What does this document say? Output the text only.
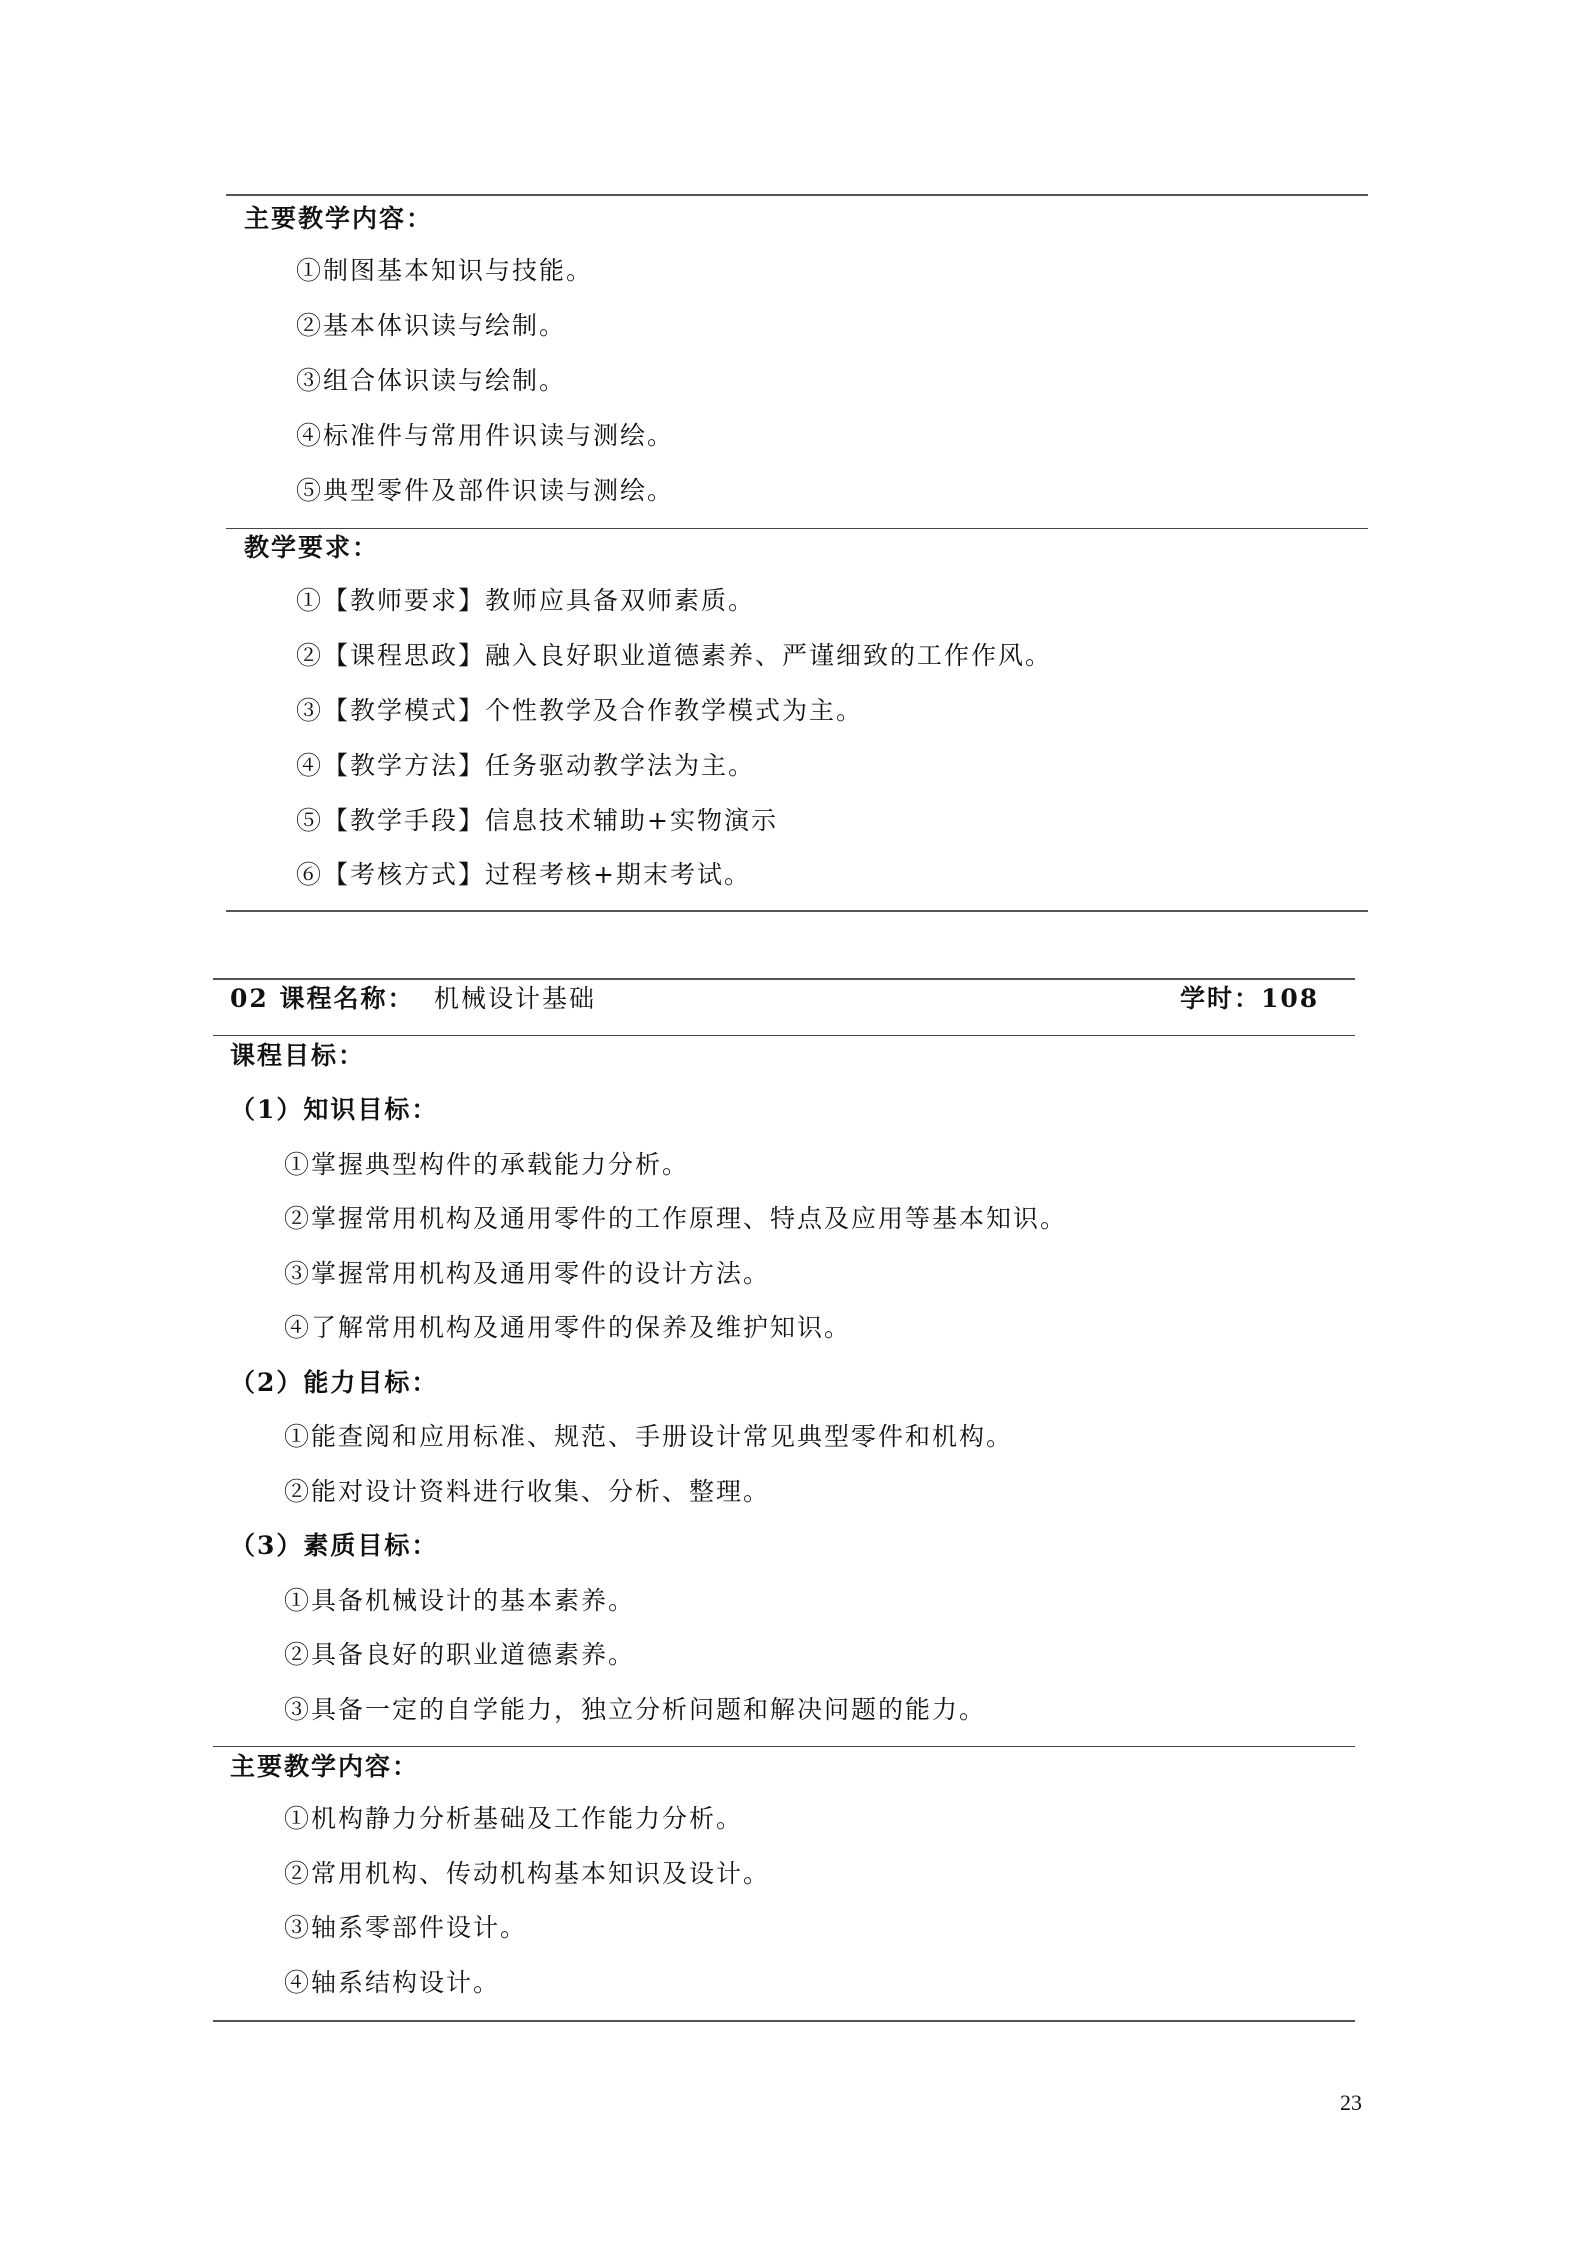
主要教学内容：
①制图基本知识与技能。
②基本体识读与绘制。
③组合体识读与绘制。
④标准件与常用件识读与测绘。
⑤典型零件及部件识读与测绘。
教学要求：
①【教师要求】教师应具备双师素质。
②【课程思政】融入良好职业道德素养、严谨细致的工作作风。
③【教学模式】个性教学及合作教学模式为主。
④【教学方法】任务驱动教学法为主。
⑤【教学手段】信息技术辅助+实物演示
⑥【考核方式】过程考核+期末考试。
02 课程名称： 机械设计基础	学时：108
课程目标：
（1）知识目标：
①掌握典型构件的承载能力分析。
②掌握常用机构及通用零件的工作原理、特点及应用等基本知识。
③掌握常用机构及通用零件的设计方法。
④了解常用机构及通用零件的保养及维护知识。
（2）能力目标：
①能查阅和应用标准、规范、手册设计常见典型零件和机构。
②能对设计资料进行收集、分析、整理。
（3）素质目标：
①具备机械设计的基本素养。
②具备良好的职业道德素养。
③具备一定的自学能力，独立分析问题和解决问题的能力。
主要教学内容：
①机构静力分析基础及工作能力分析。
②常用机构、传动机构基本知识及设计。
③轴系零部件设计。
④轴系结构设计。
23
